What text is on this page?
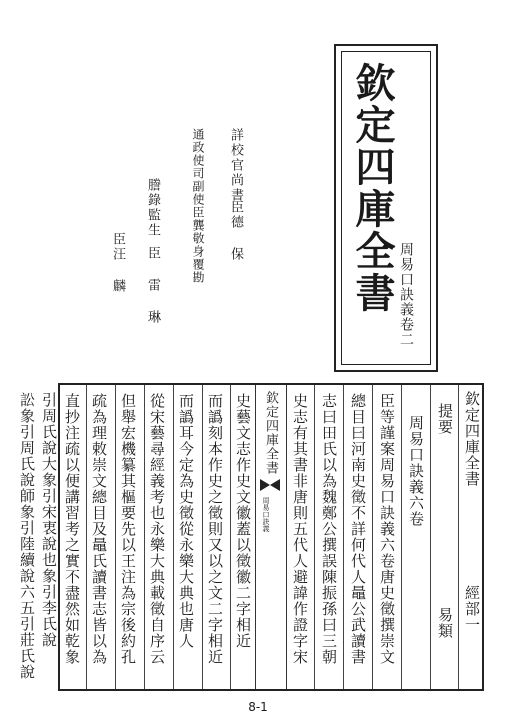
欽定四庫全書 周易口訣義卷二
詳校官尚書
臣德 保
通政使司副使臣龔敬身覆勘
謄錄監生
臣 雷 琳
臣汪 麟
欽定四庫全書
經部一
提要
易類
周易口訣義六卷
臣等謹案周易口訣義六卷唐史徵撰崇文
總目曰河南史徵不詳何代人鼂公武讀書
志曰田氏以為魏鄭公撰誤陳振孫曰三朝
史志有其書非唐則五代人避諱作證字宋
欽定四庫全書
周易口訣義
史藝文志作史文徽蓋以徵徽二字相近
而譌刻本作史之徵則又以之文二字相近
而譌耳今定為史徵從永樂大典也唐人
從宋藝尋經義考也永樂大典載徵自序云
但舉宏機纂其樞要先以王注為宗後約孔
疏為理敕崇文總目及鼂氏讀書志皆以為
直抄注疏以便講習考之實不盡然如乾象
引周氏說大象引宋衷說也象引李氏說
訟象引周氏說師象引陸續說六五引莊氏說
8-1
